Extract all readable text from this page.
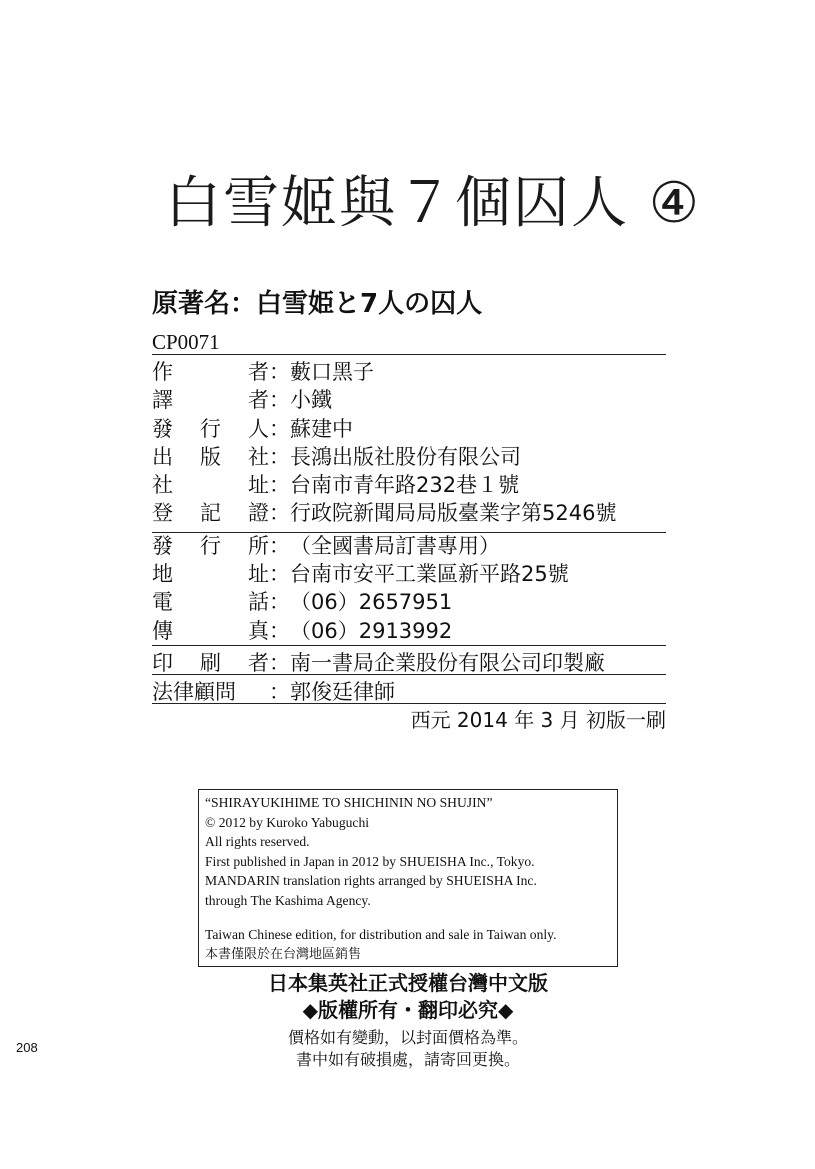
白雪姬與７個囚人 ④
原著名：白雪姫と7人の囚人
CP0071
作	者 ： 藪口黑子
譯	者 ： 小鐵
發 行 人 ： 蘇建中
出 版 社 ： 長鴻出版社股份有限公司
社	址 ： 台南市青年路232巷１號
登 記 證 ： 行政院新聞局局版臺業字第5246號
發 行 所 ： （全國書局訂書專用）
地	址 ： 台南市安平工業區新平路25號
電	話 ： （06）2657951
傳	真 ： （06）2913992
印 刷 者 ： 南一書局企業股份有限公司印製廠
法 律 顧 問 ： 郭俊廷律師
西元 2014 年 3 月 初版一刷
“SHIRAYUKIHIME TO SHICHININ NO SHUJIN”
© 2012 by Kuroko Yabuguchi
All rights reserved.
First published in Japan in 2012 by SHUEISHA Inc., Tokyo.
MANDARIN translation rights arranged by SHUEISHA Inc.
through The Kashima Agency.
Taiwan Chinese edition, for distribution and sale in Taiwan only.
本書僅限於在台灣地區銷售
日本集英社正式授權台灣中文版
◆版權所有・翻印必究◆
價格如有變動，以封面價格為準。
書中如有破損處，請寄回更換。
208
